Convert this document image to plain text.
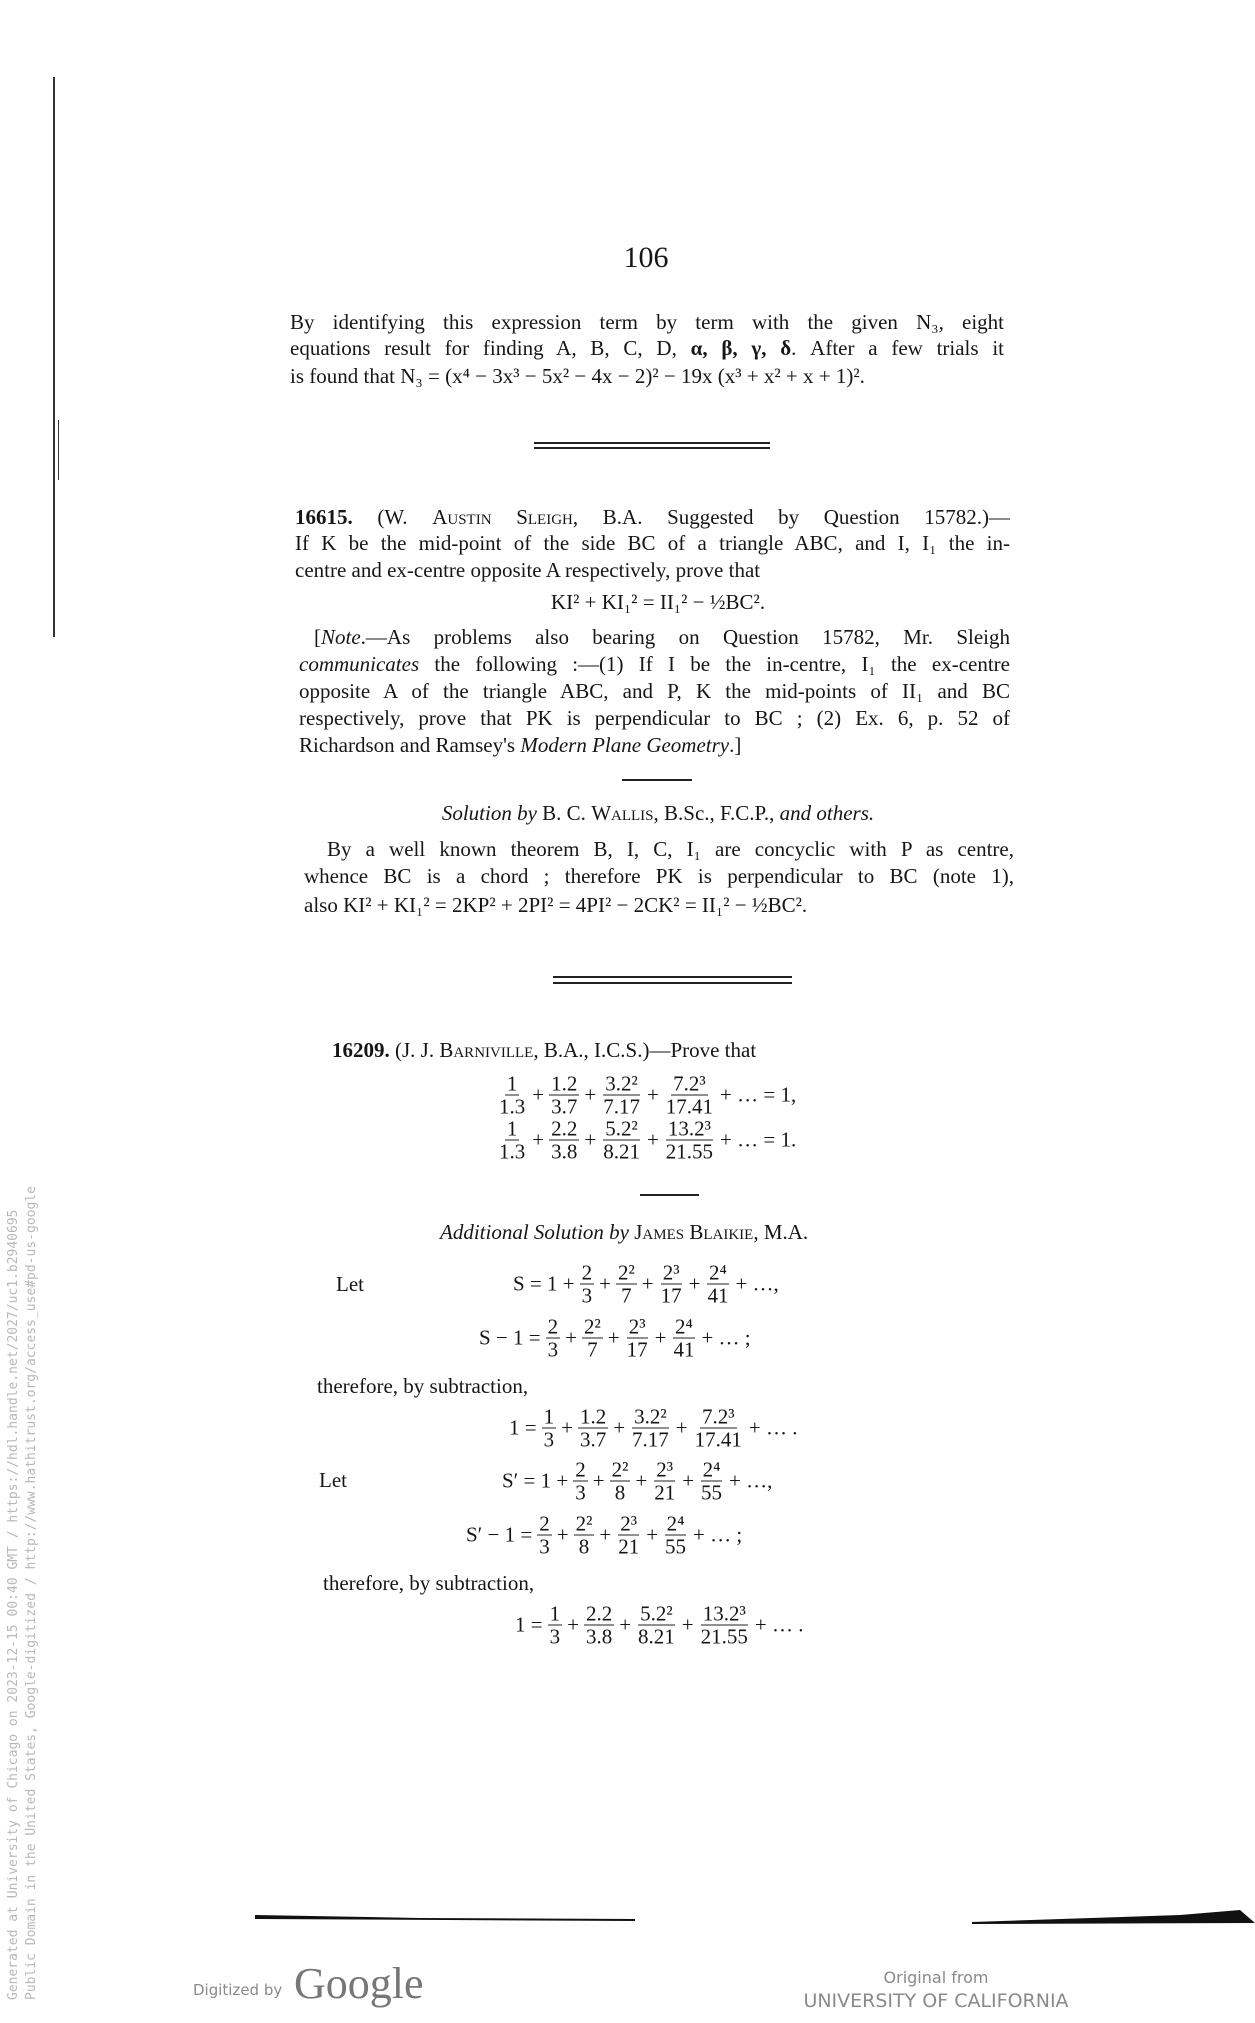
106
By identifying this expression term by term with the given N₃, eight
equations result for finding A, B, C, D, α, β, γ, δ. After a few trials it
is found that N₃ = (x⁴ − 3x³ − 5x² − 4x − 2)² − 19x (x³ + x² + x + 1)².
16615. (W. Austin Sleigh, B.A. Suggested by Question 15782.)—
If K be the mid-point of the side BC of a triangle ABC, and I, I₁ the in-
centre and ex-centre opposite A respectively, prove that
KI² + KI₁² = II₁² − ½BC².
[Note.—As problems also bearing on Question 15782, Mr. Sleigh
communicates the following :—(1) If I be the in-centre, I₁ the ex-centre
opposite A of the triangle ABC, and P, K the mid-points of II₁ and BC
respectively, prove that PK is perpendicular to BC ; (2) Ex. 6, p. 52 of
Richardson and Ramsey's Modern Plane Geometry.]
Solution by B. C. Wallis, B.Sc., F.C.P., and others.
By a well known theorem B, I, C, I₁ are concyclic with P as centre,
whence BC is a chord ; therefore PK is perpendicular to BC (note 1),
also KI² + KI₁² = 2KP² + 2PI² = 4PI² − 2CK² = II₁² − ½BC².
16209. (J. J. Barniville, B.A., I.C.S.)—Prove that
$\frac{1}{1.3} + \frac{1.2}{3.7} + \frac{\text{3.2²}}{7.17} + \frac{\text{7.2³}}{17.41}$ + … = 1,
$\frac{1}{1.3} + \frac{2.2}{3.8} + \frac{\text{5.2²}}{8.21} + \frac{\text{13.2³}}{21.55}$ + … = 1.
Additional Solution by James Blaikie, M.A.
Let	$S = 1 + \frac{2}{3} + \frac{\text{2²}}{7} + \frac{\text{2³}}{17} + \frac{\text{2⁴}}{41}$ + …,
$S - 1 = \frac{2}{3} + \frac{\text{2²}}{7} + \frac{\text{2³}}{17} + \frac{\text{2⁴}}{41}$ + … ;
therefore, by subtraction,
$1 = \frac{1}{3} + \frac{1.2}{3.7} + \frac{\text{3.2²}}{7.17} + \frac{\text{7.2³}}{17.41}$ + … .
Let	$S' = 1 + \frac{2}{3} + \frac{\text{2²}}{8} + \frac{\text{2³}}{21} + \frac{\text{2⁴}}{55}$ + …,
$S' - 1 = \frac{2}{3} + \frac{\text{2²}}{8} + \frac{\text{2³}}{21} + \frac{\text{2⁴}}{55}$ + … ;
therefore, by subtraction,
$1 = \frac{1}{3} + \frac{2.2}{3.8} + \frac{\text{5.2²}}{8.21} + \frac{\text{13.2³}}{21.55}$ + … .
Generated at University of Chicago on 2023-12-15 00:40 GMT / https://hdl.handle.net/2027/uc1.b2940695 Public Domain in the United States, Google-digitized / http://www.hathitrust.org/access_use#pd-us-google	Digitized by Google	Original from
UNIVERSITY OF CALIFORNIA
